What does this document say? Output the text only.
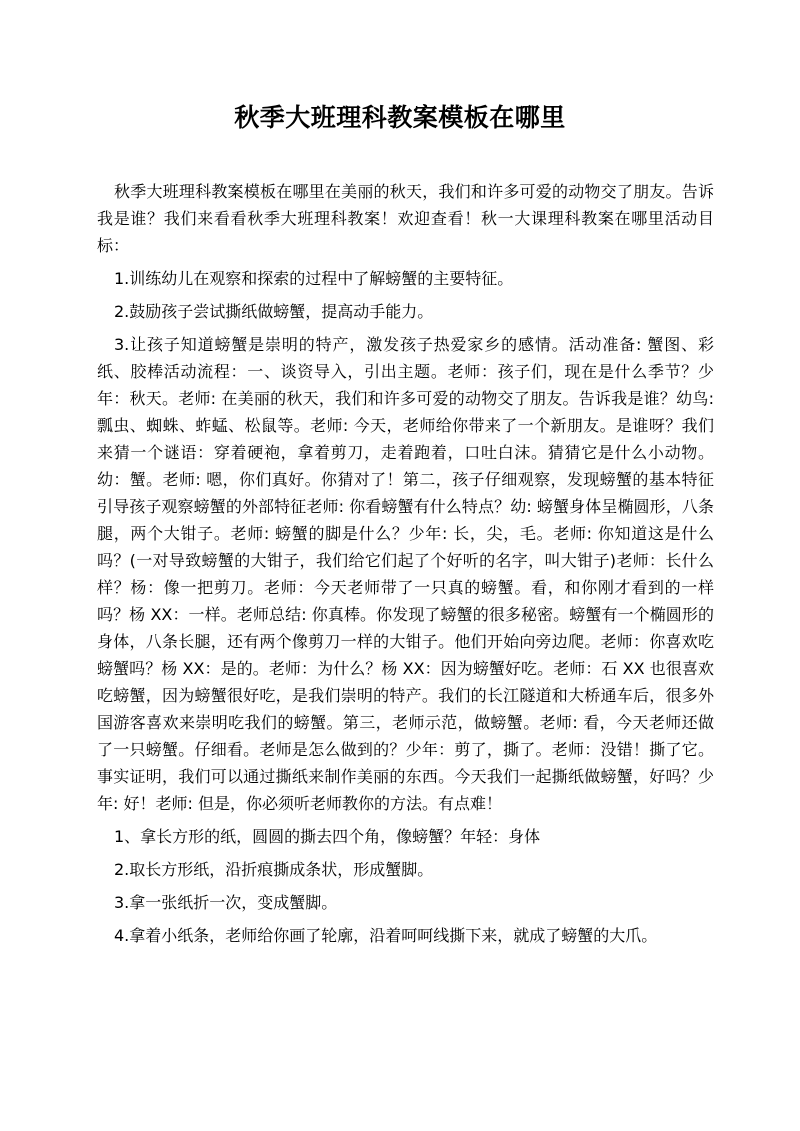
秋季大班理科教案模板在哪里

秋季大班理科教案模板在哪里在美丽的秋天，我们和许多可爱的动物交了朋友。告诉我是谁？我们来看看秋季大班理科教案！欢迎查看！秋一大课理科教案在哪里活动目标：

1.训练幼儿在观察和探索的过程中了解螃蟹的主要特征。

2.鼓励孩子尝试撕纸做螃蟹，提高动手能力。

3.让孩子知道螃蟹是崇明的特产，激发孩子热爱家乡的感情。活动准备: 蟹图、彩纸、胶棒活动流程：一、谈资导入，引出主题。老师：孩子们，现在是什么季节？少年：秋天。老师: 在美丽的秋天，我们和许多可爱的动物交了朋友。告诉我是谁？幼鸟: 瓢虫、蜘蛛、蚱蜢、松鼠等。老师: 今天，老师给你带来了一个新朋友。是谁呀？我们来猜一个谜语：穿着硬袍，拿着剪刀，走着跑着，口吐白沫。猜猜它是什么小动物。幼：蟹。老师: 嗯，你们真好。你猜对了！第二，孩子仔细观察，发现螃蟹的基本特征引导孩子观察螃蟹的外部特征老师: 你看螃蟹有什么特点？幼: 螃蟹身体呈椭圆形，八条腿，两个大钳子。老师: 螃蟹的脚是什么？少年: 长，尖，毛。老师: 你知道这是什么吗？(一对导致螃蟹的大钳子，我们给它们起了个好听的名字，叫大钳子)老师：长什么样？杨：像一把剪刀。老师：今天老师带了一只真的螃蟹。看，和你刚才看到的一样吗？杨 XX：一样。老师总结: 你真棒。你发现了螃蟹的很多秘密。螃蟹有一个椭圆形的身体，八条长腿，还有两个像剪刀一样的大钳子。他们开始向旁边爬。老师：你喜欢吃螃蟹吗？杨 XX：是的。老师：为什么？杨 XX：因为螃蟹好吃。老师：石 XX 也很喜欢吃螃蟹，因为螃蟹很好吃，是我们崇明的特产。我们的长江隧道和大桥通车后，很多外国游客喜欢来崇明吃我们的螃蟹。第三，老师示范，做螃蟹。老师: 看，今天老师还做了一只螃蟹。仔细看。老师是怎么做到的？少年：剪了，撕了。老师：没错！撕了它。事实证明，我们可以通过撕纸来制作美丽的东西。今天我们一起撕纸做螃蟹，好吗？少年: 好！老师: 但是，你必须听老师教你的方法。有点难！

1、拿长方形的纸，圆圆的撕去四个角，像螃蟹？年轻：身体

2.取长方形纸，沿折痕撕成条状，形成蟹脚。

3.拿一张纸折一次，变成蟹脚。

4.拿着小纸条，老师给你画了轮廓，沿着呵呵线撕下来，就成了螃蟹的大爪。
